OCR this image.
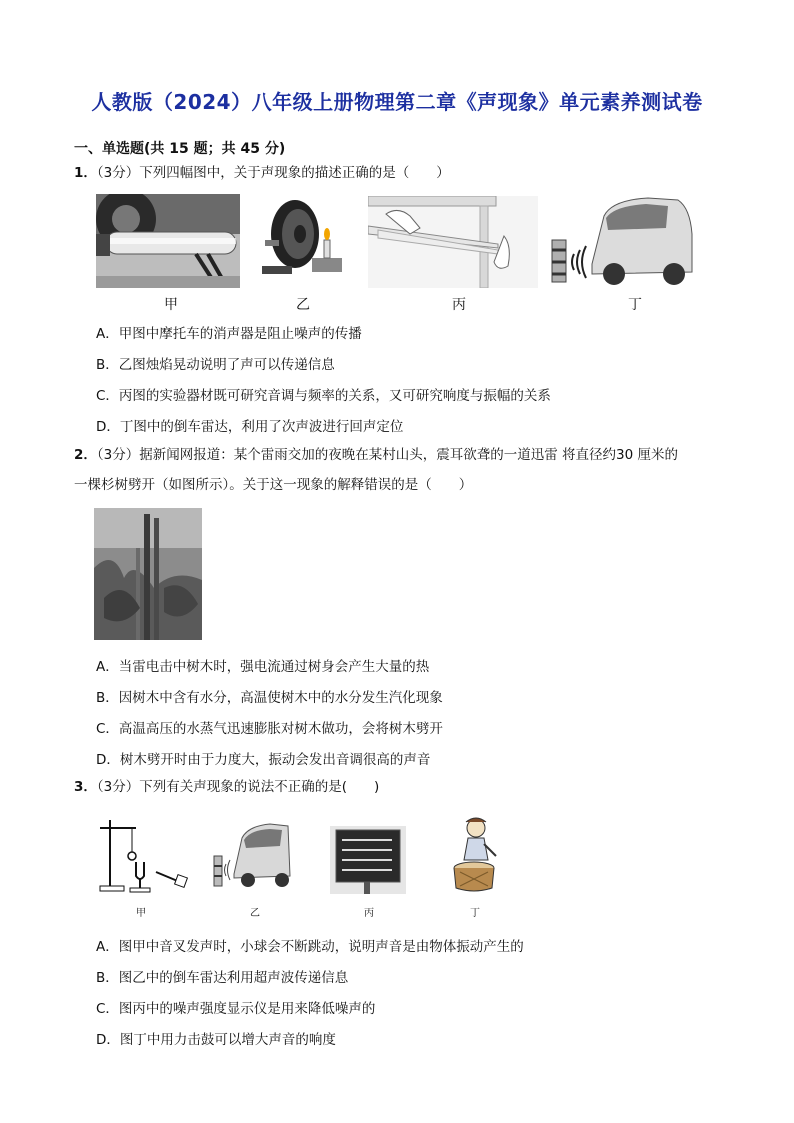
人教版（2024）八年级上册物理第二章《声现象》单元素养测试卷
一、单选题(共 15 题；共 45 分)
1．（3分）下列四幅图中，关于声现象的描述正确的是（　　）
甲	乙	丙	丁
A．甲图中摩托车的消声器是阻止噪声的传播
B．乙图烛焰晃动说明了声可以传递信息
C．丙图的实验器材既可研究音调与频率的关系，又可研究响度与振幅的关系
D．丁图中的倒车雷达，利用了次声波进行回声定位
2．（3分）据新闻网报道：某个雷雨交加的夜晚在某村山头，震耳欲聋的一道迅雷 将直径约30 厘米的
一棵杉树劈开（如图所示）。关于这一现象的解释错误的是（　　）
A．当雷电击中树木时，强电流通过树身会产生大量的热
B．因树木中含有水分，高温使树木中的水分发生汽化现象
C．高温高压的水蒸气迅速膨胀对树木做功，会将树木劈开
D．树木劈开时由于力度大，振动会发出音调很高的声音
3．（3分）下列有关声现象的说法不正确的是(　　)
甲	乙	丙	丁
A．图甲中音叉发声时，小球会不断跳动，说明声音是由物体振动产生的
B．图乙中的倒车雷达利用超声波传递信息
C．图丙中的噪声强度显示仪是用来降低噪声的
D．图丁中用力击鼓可以增大声音的响度
